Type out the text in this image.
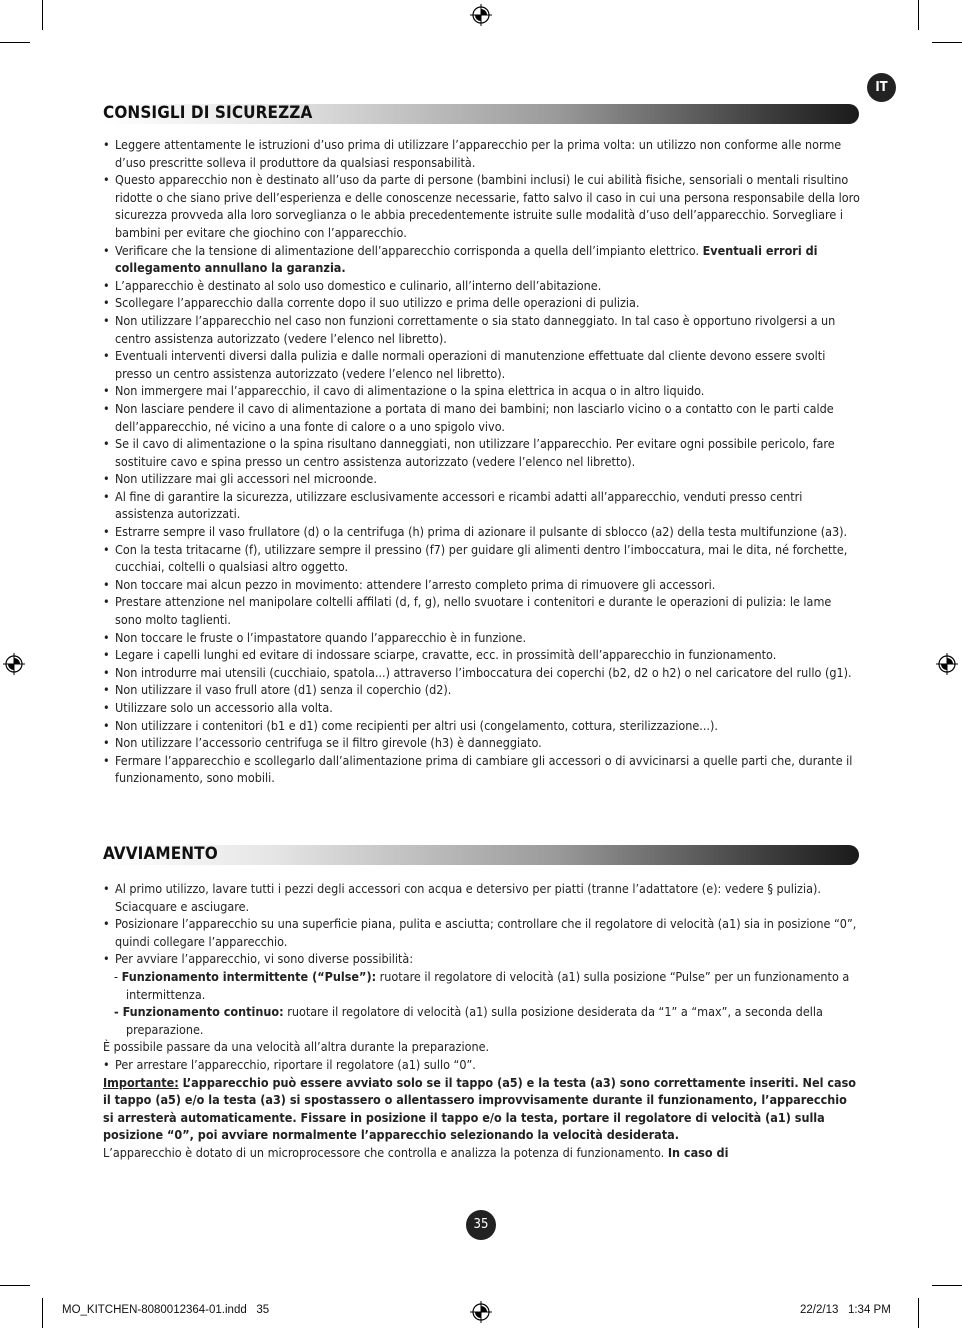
IT
CONSIGLI DI SICUREZZA
• Leggere attentamente le istruzioni d’uso prima di utilizzare l’apparecchio per la prima volta: un utilizzo non conforme alle norme d’uso prescritte solleva il produttore da qualsiasi responsabilità.
• Questo apparecchio non è destinato all’uso da parte di persone (bambini inclusi) le cui abilità fisiche, sensoriali o mentali risultino ridotte o che siano prive dell’esperienza e delle conoscenze necessarie, fatto salvo il caso in cui una persona responsabile della loro sicurezza provveda alla loro sorveglianza o le abbia precedentemente istruite sulle modalità d’uso dell’apparecchio. Sorvegliare i bambini per evitare che giochino con l’apparecchio.
• Verificare che la tensione di alimentazione dell’apparecchio corrisponda a quella dell’impianto elettrico. Eventuali errori di collegamento annullano la garanzia.
• L’apparecchio è destinato al solo uso domestico e culinario, all’interno dell’abitazione.
• Scollegare l’apparecchio dalla corrente dopo il suo utilizzo e prima delle operazioni di pulizia.
• Non utilizzare l’apparecchio nel caso non funzioni correttamente o sia stato danneggiato. In tal caso è opportuno rivolgersi a un centro assistenza autorizzato (vedere l’elenco nel libretto).
• Eventuali interventi diversi dalla pulizia e dalle normali operazioni di manutenzione effettuate dal cliente devono essere svolti presso un centro assistenza autorizzato (vedere l’elenco nel libretto).
• Non immergere mai l’apparecchio, il cavo di alimentazione o la spina elettrica in acqua o in altro liquido.
• Non lasciare pendere il cavo di alimentazione a portata di mano dei bambini; non lasciarlo vicino o a contatto con le parti calde dell’apparecchio, né vicino a una fonte di calore o a uno spigolo vivo.
• Se il cavo di alimentazione o la spina risultano danneggiati, non utilizzare l’apparecchio. Per evitare ogni possibile pericolo, fare sostituire cavo e spina presso un centro assistenza autorizzato (vedere l’elenco nel libretto).
• Non utilizzare mai gli accessori nel microonde.
• Al fine di garantire la sicurezza, utilizzare esclusivamente accessori e ricambi adatti all’apparecchio, venduti presso centri assistenza autorizzati.
• Estrarre sempre il vaso frullatore (d) o la centrifuga (h) prima di azionare il pulsante di sblocco (a2) della testa multifunzione (a3).
• Con la testa tritacarne (f), utilizzare sempre il pressino (f7) per guidare gli alimenti dentro l’imboccatura, mai le dita, né forchette, cucchiai, coltelli o qualsiasi altro oggetto.
• Non toccare mai alcun pezzo in movimento: attendere l’arresto completo prima di rimuovere gli accessori.
• Prestare attenzione nel manipolare coltelli affilati (d, f, g), nello svuotare i contenitori e durante le operazioni di pulizia: le lame sono molto taglienti.
• Non toccare le fruste o l’impastatore quando l’apparecchio è in funzione.
• Legare i capelli lunghi ed evitare di indossare sciarpe, cravatte, ecc. in prossimità dell’apparecchio in funzionamento.
• Non introdurre mai utensili (cucchiaio, spatola...) attraverso l’imboccatura dei coperchi (b2, d2 o h2) o nel caricatore del rullo (g1).
• Non utilizzare il vaso frull atore (d1) senza il coperchio (d2).
• Utilizzare solo un accessorio alla volta.
• Non utilizzare i contenitori (b1 e d1) come recipienti per altri usi (congelamento, cottura, sterilizzazione...).
• Non utilizzare l’accessorio centrifuga se il filtro girevole (h3) è danneggiato.
• Fermare l’apparecchio e scollegarlo dall’alimentazione prima di cambiare gli accessori o di avvicinarsi a quelle parti che, durante il funzionamento, sono mobili.
AVVIAMENTO
• Al primo utilizzo, lavare tutti i pezzi degli accessori con acqua e detersivo per piatti (tranne l’adattatore (e): vedere § pulizia). Sciacquare e asciugare.
• Posizionare l’apparecchio su una superficie piana, pulita e asciutta; controllare che il regolatore di velocità (a1) sia in posizione “0”, quindi collegare l’apparecchio.
• Per avviare l’apparecchio, vi sono diverse possibilità:
- Funzionamento intermittente (“Pulse”): ruotare il regolatore di velocità (a1) sulla posizione “Pulse” per un funzionamento a intermittenza.
- Funzionamento continuo: ruotare il regolatore di velocità (a1) sulla posizione desiderata da “1” a “max”, a seconda della preparazione.
È possibile passare da una velocità all’altra durante la preparazione.
• Per arrestare l’apparecchio, riportare il regolatore (a1) sullo “0”.
Importante: L’apparecchio può essere avviato solo se il tappo (a5) e la testa (a3) sono correttamente inseriti. Nel caso il tappo (a5) e/o la testa (a3) si spostassero o allentassero improvvisamente durante il funzionamento, l’apparecchio si arresterà automaticamente. Fissare in posizione il tappo e/o la testa, portare il regolatore di velocità (a1) sulla posizione “0”, poi avviare normalmente l’apparecchio selezionando la velocità desiderata.
L’apparecchio è dotato di un microprocessore che controlla e analizza la potenza di funzionamento. In caso di
35
MO_KITCHEN-8080012364-01.indd   35	22/2/13   1:34 PM
